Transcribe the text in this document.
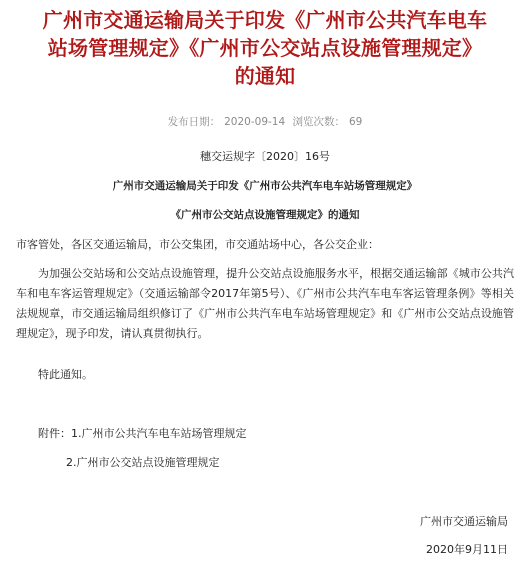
广州市交通运输局关于印发《广州市公共汽车电车
站场管理规定》《广州市公交站点设施管理规定》
的通知
发布日期： 2020-09-14 浏览次数： 69
穗交运规字〔2020〕16号
广州市交通运输局关于印发《广州市公共汽车电车站场管理规定》
《广州市公交站点设施管理规定》的通知
市客管处，各区交通运输局，市公交集团，市交通站场中心，各公交企业：

为加强公交站场和公交站点设施管理，提升公交站点设施服务水平，根据交通运输部《城市公共汽车和电车客运管理规定》（交通运输部令2017年第5号）、《广州市公共汽车电车客运管理条例》等相关法规规章，市交通运输局组织修订了《广州市公共汽车电车站场管理规定》和《广州市公交站点设施管理规定》，现予印发，请认真贯彻执行。

特此通知。
附件：1.广州市公共汽车电车站场管理规定
2.广州市公交站点设施管理规定
广州市交通运输局
2020年9月11日
